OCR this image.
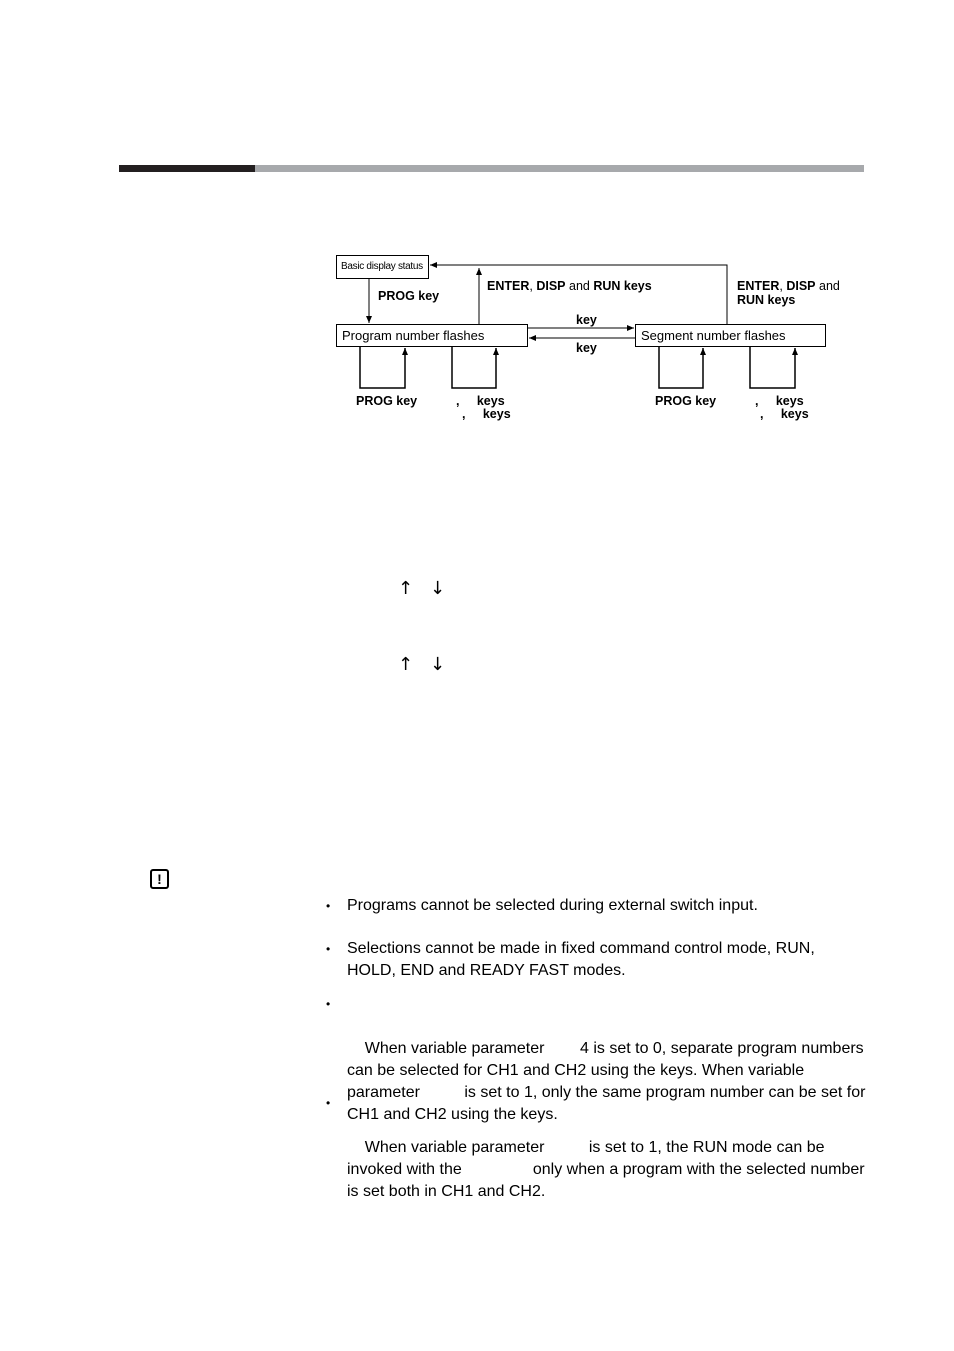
Basic display status
Program number flashes	Segment number flashes
PROG key
ENTER, DISP and RUN keys	ENTER, DISP and
RUN keys
key
key
PROG key	,     keys
,     keys
PROG key	,     keys
,     keys
↑ ↓
↑ ↓
!
• Programs cannot be selected during external switch input.
• Selections cannot be made in fixed command control mode, RUN, HOLD, END and READY FAST modes.

•

When variable parameter        4 is set to 0, separate program numbers can be selected for CH1 and CH2 using the keys. When variable parameter          is set to 1, only the same program number can be set for CH1 and CH2 using the keys.

•

When variable parameter          is set to 1, the RUN mode can be invoked with the                only when a program with the selected number is set both in CH1 and CH2.
